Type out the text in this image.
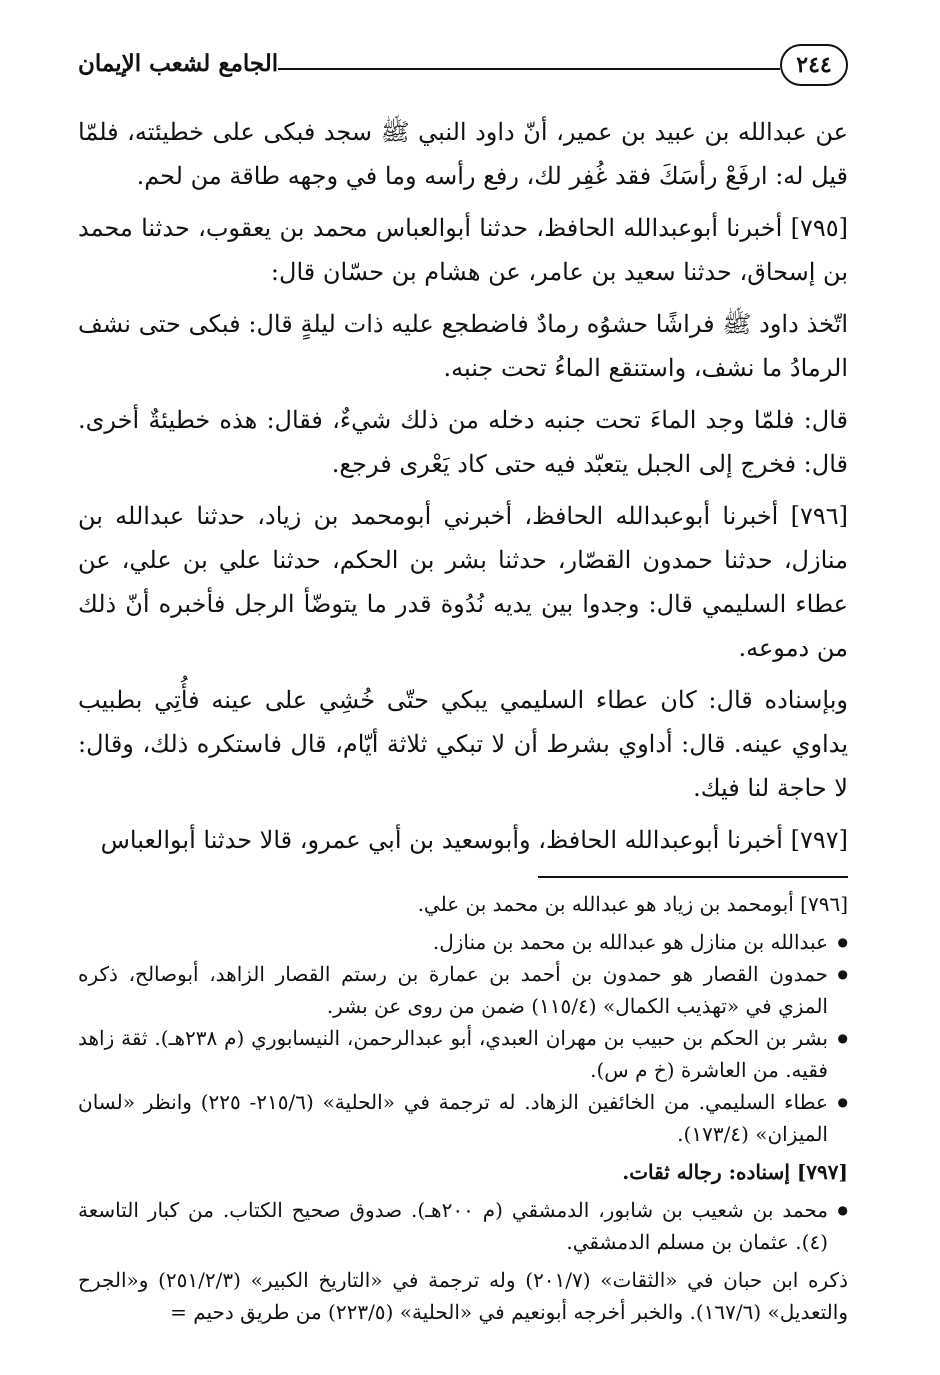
٢٤٤
الجامع لشعب الإيمان

عن عبدالله بن عبيد بن عمير، أنّ داود النبي ﷺ سجد فبكى على خطيئته، فلمّا قيل له: ارفَعْ رأسَكَ فقد غُفِر لك، رفع رأسه وما في وجهه طاقة من لحم.

[٧٩٥] أخبرنا أبوعبدالله الحافظ، حدثنا أبوالعباس محمد بن يعقوب، حدثنا محمد بن إسحاق، حدثنا سعيد بن عامر، عن هشام بن حسّان قال:

اتّخذ داود ﷺ فراشًا حشوُه رمادٌ فاضطجع عليه ذات ليلةٍ قال: فبكى حتى نشف الرمادُ ما نشف، واستنقع الماءُ تحت جنبه.

قال: فلمّا وجد الماءَ تحت جنبه دخله من ذلك شيءٌ، فقال: هذه خطيئةٌ أخرى. قال: فخرج إلى الجبل يتعبّد فيه حتى كاد يَعْرى فرجع.

[٧٩٦] أخبرنا أبوعبدالله الحافظ، أخبرني أبومحمد بن زياد، حدثنا عبدالله بن منازل، حدثنا حمدون القصّار، حدثنا بشر بن الحكم، حدثنا علي بن علي، عن عطاء السليمي قال: وجدوا بين يديه نُدُوة قدر ما يتوضّأ الرجل فأخبره أنّ ذلك من دموعه.

وبإسناده قال: كان عطاء السليمي يبكي حتّى خُشِي على عينه فأُتِي بطبيب يداوي عينه. قال: أداوي بشرط أن لا تبكي ثلاثة أيّام، قال فاستكره ذلك، وقال: لا حاجة لنا فيك.

[٧٩٧] أخبرنا أبوعبدالله الحافظ، وأبوسعيد بن أبي عمرو، قالا حدثنا أبوالعباس

[٧٩٦] أبومحمد بن زياد هو عبدالله بن محمد بن علي.

● عبدالله بن منازل هو عبدالله بن محمد بن منازل.
● حمدون القصار هو حمدون بن أحمد بن عمارة بن رستم القصار الزاهد، أبوصالح، ذكره المزي في «تهذيب الكمال» (١١٥/٤) ضمن من روى عن بشر.
● بشر بن الحكم بن حبيب بن مهران العبدي، أبو عبدالرحمن، النيسابوري (م ٢٣٨هـ). ثقة زاهد فقيه. من العاشرة (خ م س).
● عطاء السليمي. من الخائفين الزهاد. له ترجمة في «الحلية» (٢١٥/٦- ٢٢٥) وانظر «لسان الميزان» (١٧٣/٤).

[٧٩٧] إسناده: رجاله ثقات.

● محمد بن شعيب بن شابور، الدمشقي (م ٢٠٠هـ). صدوق صحيح الكتاب. من كبار التاسعة (٤). عثمان بن مسلم الدمشقي.

ذكره ابن حبان في «الثقات» (٢٠١/٧) وله ترجمة في «التاريخ الكبير» (٢٥١/٢/٣) و«الجرح والتعديل» (١٦٧/٦). والخبر أخرجه أبونعيم في «الحلية» (٢٢٣/٥) من طريق دحيم =
